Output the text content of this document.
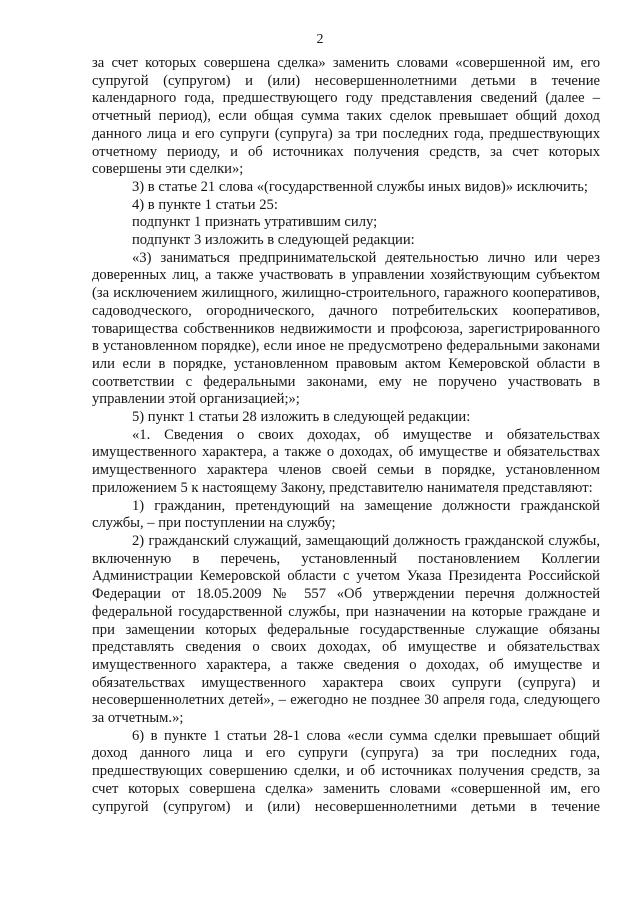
2

за счет которых совершена сделка» заменить словами «совершенной им, его супругой (супругом) и (или) несовершеннолетними детьми в течение календарного года, предшествующего году представления сведений (далее – отчетный период), если общая сумма таких сделок превышает общий доход данного лица и его супруги (супруга) за три последних года, предшествующих отчетному периоду, и об источниках получения средств, за счет которых совершены эти сделки»;

3) в статье 21 слова «(государственной службы иных видов)» исключить;

4) в пункте 1 статьи 25:

подпункт 1 признать утратившим силу;

подпункт 3 изложить в следующей редакции:

«3) заниматься предпринимательской деятельностью лично или через доверенных лиц, а также участвовать в управлении хозяйствующим субъектом (за исключением жилищного, жилищно-строительного, гаражного кооперативов, садоводческого, огороднического, дачного потребительских кооперативов, товарищества собственников недвижимости и профсоюза, зарегистрированного в установленном порядке), если иное не предусмотрено федеральными законами или если в порядке, установленном правовым актом Кемеровской области в соответствии с федеральными законами, ему не поручено участвовать в управлении этой организацией;»;

5) пункт 1 статьи 28 изложить в следующей редакции:

«1. Сведения о своих доходах, об имуществе и обязательствах имущественного характера, а также о доходах, об имуществе и обязательствах имущественного характера членов своей семьи в порядке, установленном приложением 5 к настоящему Закону, представителю нанимателя представляют:

1) гражданин, претендующий на замещение должности гражданской службы, – при поступлении на службу;

2) гражданский служащий, замещающий должность гражданской службы, включенную в перечень, установленный постановлением Коллегии Администрации Кемеровской области с учетом Указа Президента Российской Федерации от 18.05.2009 № 557 «Об утверждении перечня должностей федеральной государственной службы, при назначении на которые граждане и при замещении которых федеральные государственные служащие обязаны представлять сведения о своих доходах, об имуществе и обязательствах имущественного характера, а также сведения о доходах, об имуществе и обязательствах имущественного характера своих супруги (супруга) и несовершеннолетних детей», – ежегодно не позднее 30 апреля года, следующего за отчетным.»;

6) в пункте 1 статьи 28-1 слова «если сумма сделки превышает общий доход данного лица и его супруги (супруга) за три последних года, предшествующих совершению сделки, и об источниках получения средств, за счет которых совершена сделка» заменить словами «совершенной им, его супругой (супругом) и (или) несовершеннолетними детьми в течение
